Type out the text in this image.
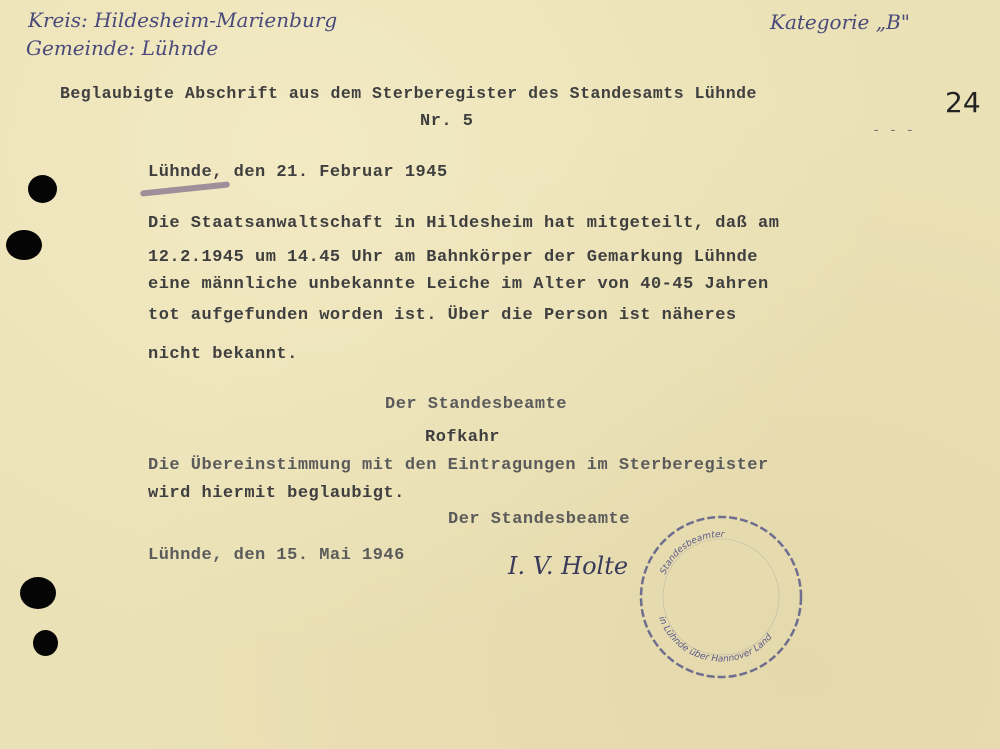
Kreis: Hildesheim-Marienburg
Gemeinde: Lühnde
Kategorie „B"
24
- - -
Beglaubigte Abschrift aus dem Sterberegister des Standesamts Lühnde
Nr. 5
Lühnde, den 21. Februar 1945
Die Staatsanwaltschaft in Hildesheim hat mitgeteilt, daß am
12.2.1945 um 14.45 Uhr am Bahnkörper der Gemarkung Lühnde
eine männliche unbekannte Leiche im Alter von 40-45 Jahren
tot aufgefunden worden ist. Über die Person ist näheres
nicht bekannt.
Der Standesbeamte
Rofkahr
Die Übereinstimmung mit den Eintragungen im Sterberegister
wird hiermit beglaubigt.
Der Standesbeamte
Lühnde, den 15. Mai 1946	I. V. Holte	Standesbeamter
in Lühnde über Hannover Land
